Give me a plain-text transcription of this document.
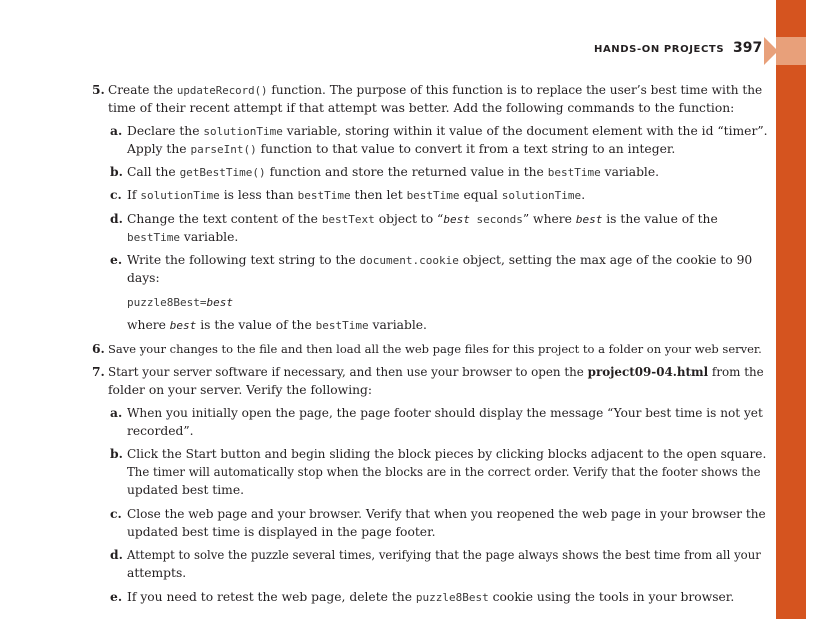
HANDS-ON PROJECTS 397
5. Create the updateRecord() function. The purpose of this function is to replace the user’s best time with the
time of their recent attempt if that attempt was better. Add the following commands to the function:
a. Declare the solutionTime variable, storing within it value of the document element with the id “timer”.
Apply the parseInt() function to that value to convert it from a text string to an integer.
b. Call the getBestTime() function and store the returned value in the bestTime variable.
c. If solutionTime is less than bestTime then let bestTime equal solutionTime.
d. Change the text content of the bestText object to “best seconds” where best is the value of the
bestTime variable.
e. Write the following text string to the document.cookie object, setting the max age of the cookie to 90
days:
puzzle8Best=best
where best is the value of the bestTime variable.
6. Save your changes to the file and then load all the web page files for this project to a folder on your web server.
7. Start your server software if necessary, and then use your browser to open the project09-04.html from the
folder on your server. Verify the following:
a. When you initially open the page, the page footer should display the message “Your best time is not yet
recorded”.
b. Click the Start button and begin sliding the block pieces by clicking blocks adjacent to the open square.
The timer will automatically stop when the blocks are in the correct order. Verify that the footer shows the
updated best time.
c. Close the web page and your browser. Verify that when you reopened the web page in your browser the
updated best time is displayed in the page footer.
d. Attempt to solve the puzzle several times, verifying that the page always shows the best time from all your
attempts.
e. If you need to retest the web page, delete the puzzle8Best cookie using the tools in your browser.
